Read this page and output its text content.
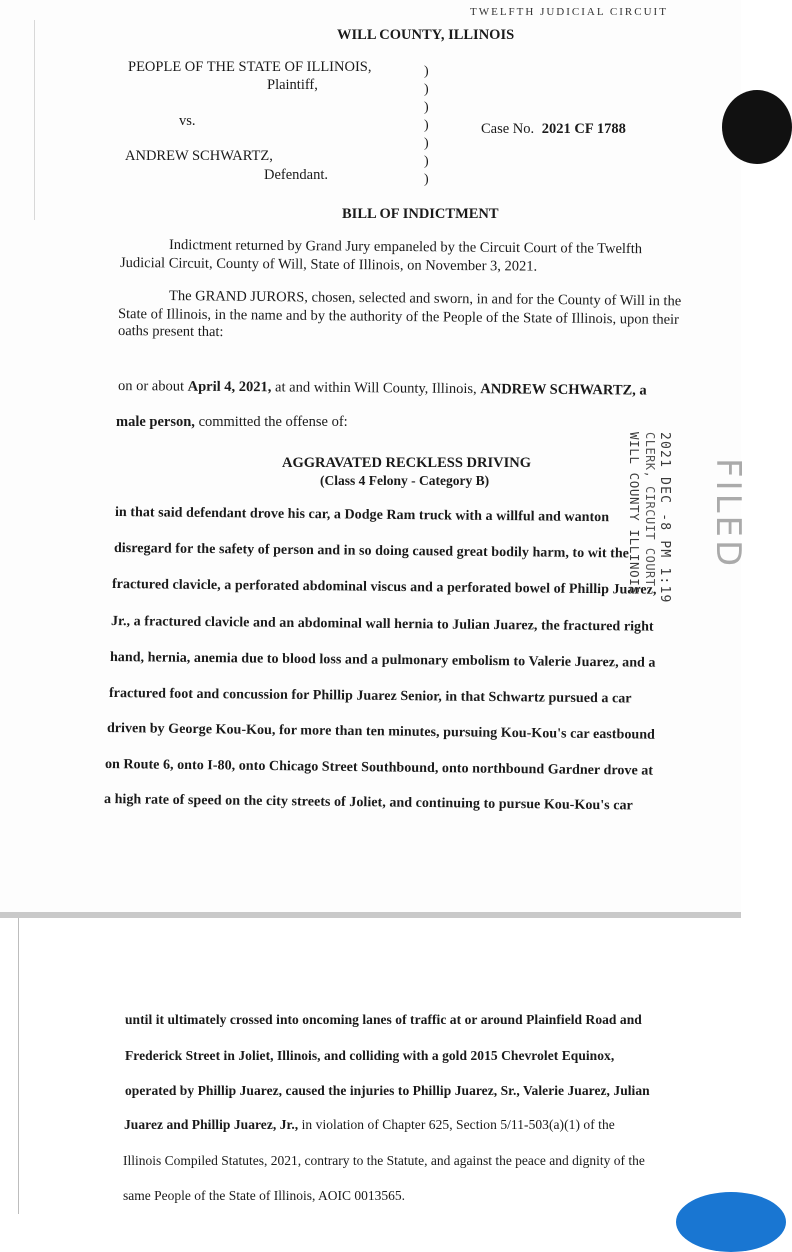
TWELFTH JUDICIAL CIRCUIT
WILL COUNTY, ILLINOIS
PEOPLE OF THE STATE OF ILLINOIS,
Plaintiff,
vs.
ANDREW SCHWARTZ,
Defendant.
)
)
)
)
)
)
)
Case No. 2021 CF 1788
BILL OF INDICTMENT
Indictment returned by Grand Jury empaneled by the Circuit Court of the Twelfth
Judicial Circuit, County of Will, State of Illinois, on November 3, 2021.
The GRAND JURORS, chosen, selected and sworn, in and for the County of Will in the
State of Illinois, in the name and by the authority of the People of the State of Illinois, upon their
oaths present that:
on or about April 4, 2021, at and within Will County, Illinois, ANDREW SCHWARTZ, a
male person, committed the offense of:
AGGRAVATED RECKLESS DRIVING
(Class 4 Felony - Category B)
in that said defendant drove his car, a Dodge Ram truck with a willful and wanton
disregard for the safety of person and in so doing caused great bodily harm, to wit the
fractured clavicle, a perforated abdominal viscus and a perforated bowel of Phillip Juarez,
Jr., a fractured clavicle and an abdominal wall hernia to Julian Juarez, the fractured right
hand, hernia, anemia due to blood loss and a pulmonary embolism to Valerie Juarez, and a
fractured foot and concussion for Phillip Juarez Senior, in that Schwartz pursued a car
driven by George Kou-Kou, for more than ten minutes, pursuing Kou-Kou's car eastbound
on Route 6, onto I-80, onto Chicago Street Southbound, onto northbound Gardner drove at
a high rate of speed on the city streets of Joliet, and continuing to pursue Kou-Kou's car
2021 DEC -8 PM 1:19
CLERK, CIRCUIT COURT
WILL COUNTY ILLINOIS FILED
until it ultimately crossed into oncoming lanes of traffic at or around Plainfield Road and
Frederick Street in Joliet, Illinois, and colliding with a gold 2015 Chevrolet Equinox,
operated by Phillip Juarez, caused the injuries to Phillip Juarez, Sr., Valerie Juarez, Julian
Juarez and Phillip Juarez, Jr., in violation of Chapter 625, Section 5/11-503(a)(1) of the
Illinois Compiled Statutes, 2021, contrary to the Statute, and against the peace and dignity of the
same People of the State of Illinois, AOIC 0013565.
